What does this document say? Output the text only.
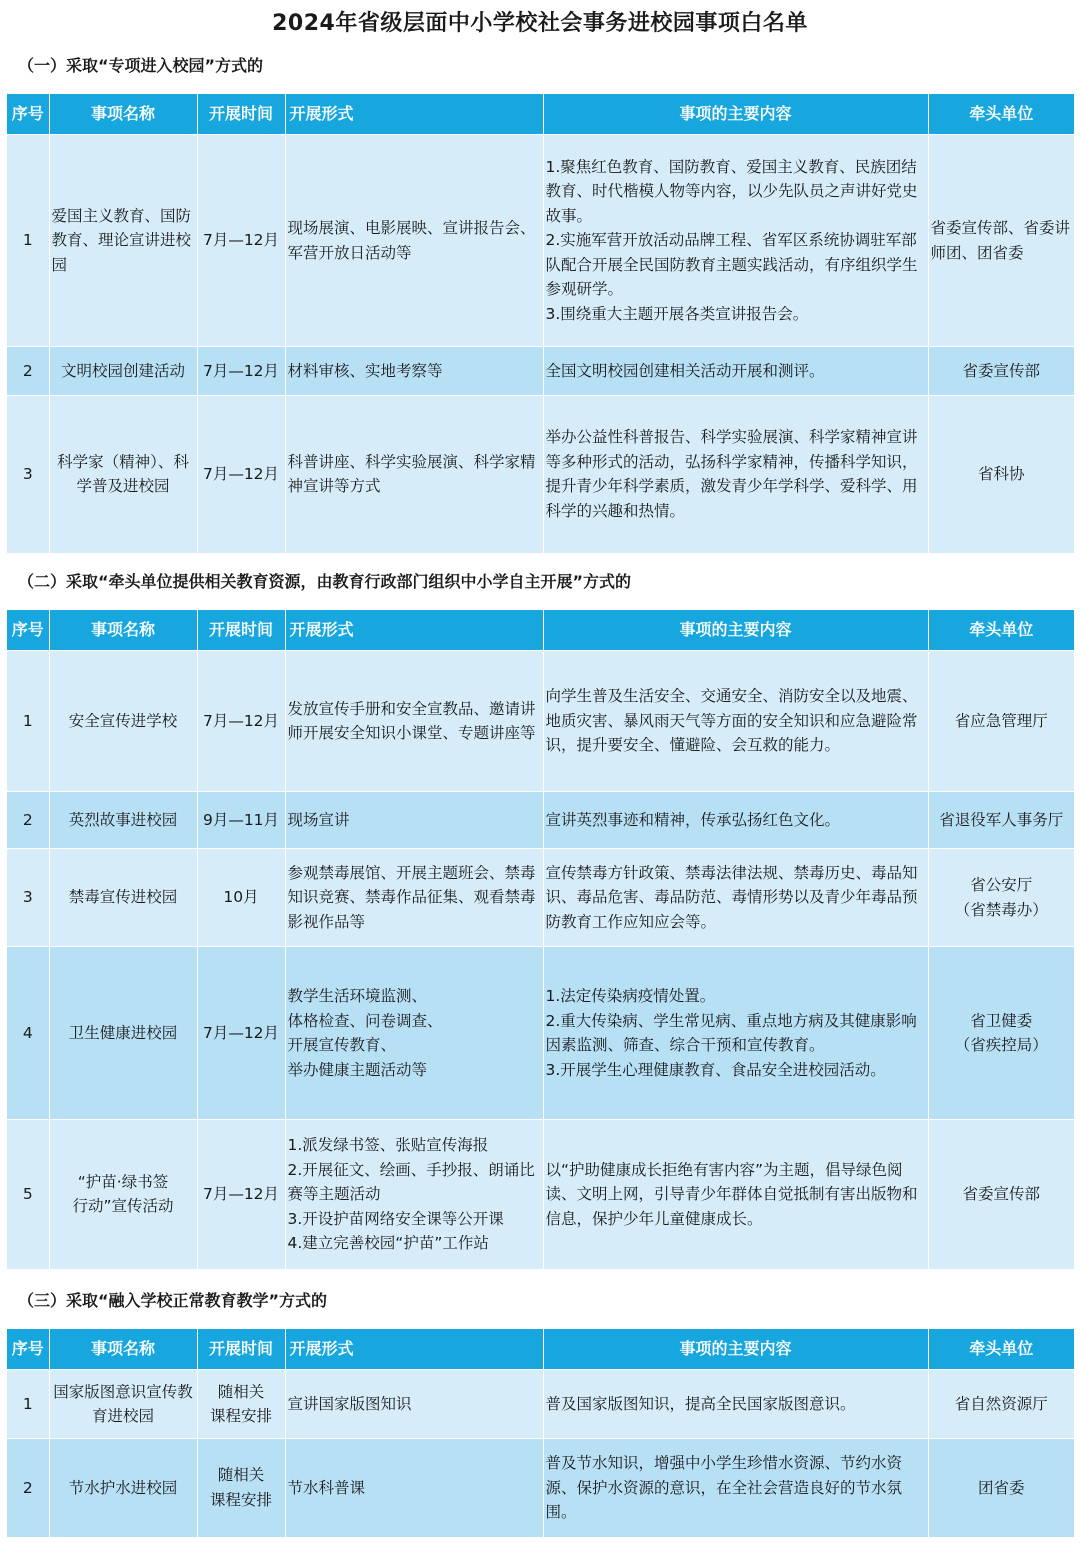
2024年省级层面中小学校社会事务进校园事项白名单
（一）采取“专项进入校园”方式的
序号	事项名称	开展时间	开展形式	事项的主要内容	牵头单位
1	爱国主义教育、国防教育、理论宣讲进校园	7月—12月	现场展演、电影展映、宣讲报告会、军营开放日活动等	1.聚焦红色教育、国防教育、爱国主义教育、民族团结教育、时代楷模人物等内容，以少先队员之声讲好党史故事。
2.实施军营开放活动品牌工程、省军区系统协调驻军部队配合开展全民国防教育主题实践活动，有序组织学生参观研学。
3.围绕重大主题开展各类宣讲报告会。	省委宣传部、省委讲师团、团省委
2	文明校园创建活动	7月—12月	材料审核、实地考察等	全国文明校园创建相关活动开展和测评。	省委宣传部
3	科学家（精神）、科学普及进校园	7月—12月	科普讲座、科学实验展演、科学家精神宣讲等方式	举办公益性科普报告、科学实验展演、科学家精神宣讲等多种形式的活动，弘扬科学家精神，传播科学知识，提升青少年科学素质，激发青少年学科学、爱科学、用科学的兴趣和热情。	省科协
（二）采取“牵头单位提供相关教育资源，由教育行政部门组织中小学自主开展”方式的
序号	事项名称	开展时间	开展形式	事项的主要内容	牵头单位
1	安全宣传进学校	7月—12月	发放宣传手册和安全宣教品、邀请讲师开展安全知识小课堂、专题讲座等	向学生普及生活安全、交通安全、消防安全以及地震、地质灾害、暴风雨天气等方面的安全知识和应急避险常识，提升要安全、懂避险、会互救的能力。	省应急管理厅
2	英烈故事进校园	9月—11月	现场宣讲	宣讲英烈事迹和精神，传承弘扬红色文化。	省退役军人事务厅
3	禁毒宣传进校园	10月	参观禁毒展馆、开展主题班会、禁毒知识竞赛、禁毒作品征集、观看禁毒影视作品等	宣传禁毒方针政策、禁毒法律法规、禁毒历史、毒品知识、毒品危害、毒品防范、毒情形势以及青少年毒品预防教育工作应知应会等。	省公安厅
（省禁毒办）
4	卫生健康进校园	7月—12月	教学生活环境监测、
体格检查、问卷调查、
开展宣传教育、
举办健康主题活动等	1.法定传染病疫情处置。
2.重大传染病、学生常见病、重点地方病及其健康影响因素监测、筛查、综合干预和宣传教育。
3.开展学生心理健康教育、食品安全进校园活动。	省卫健委
（省疾控局）
5	“护苗·绿书签
行动”宣传活动	7月—12月	1.派发绿书签、张贴宣传海报
2.开展征文、绘画、手抄报、朗诵比赛等主题活动
3.开设护苗网络安全课等公开课
4.建立完善校园“护苗”工作站	以“护助健康成长拒绝有害内容”为主题，倡导绿色阅读、文明上网，引导青少年群体自觉抵制有害出版物和信息，保护少年儿童健康成长。	省委宣传部
（三）采取“融入学校正常教育教学”方式的
序号	事项名称	开展时间	开展形式	事项的主要内容	牵头单位
1	国家版图意识宣传教育进校园	随相关
课程安排	宣讲国家版图知识	普及国家版图知识，提高全民国家版图意识。	省自然资源厅
2	节水护水进校园	随相关
课程安排	节水科普课	普及节水知识，增强中小学生珍惜水资源、节约水资源、保护水资源的意识，在全社会营造良好的节水氛围。	团省委
